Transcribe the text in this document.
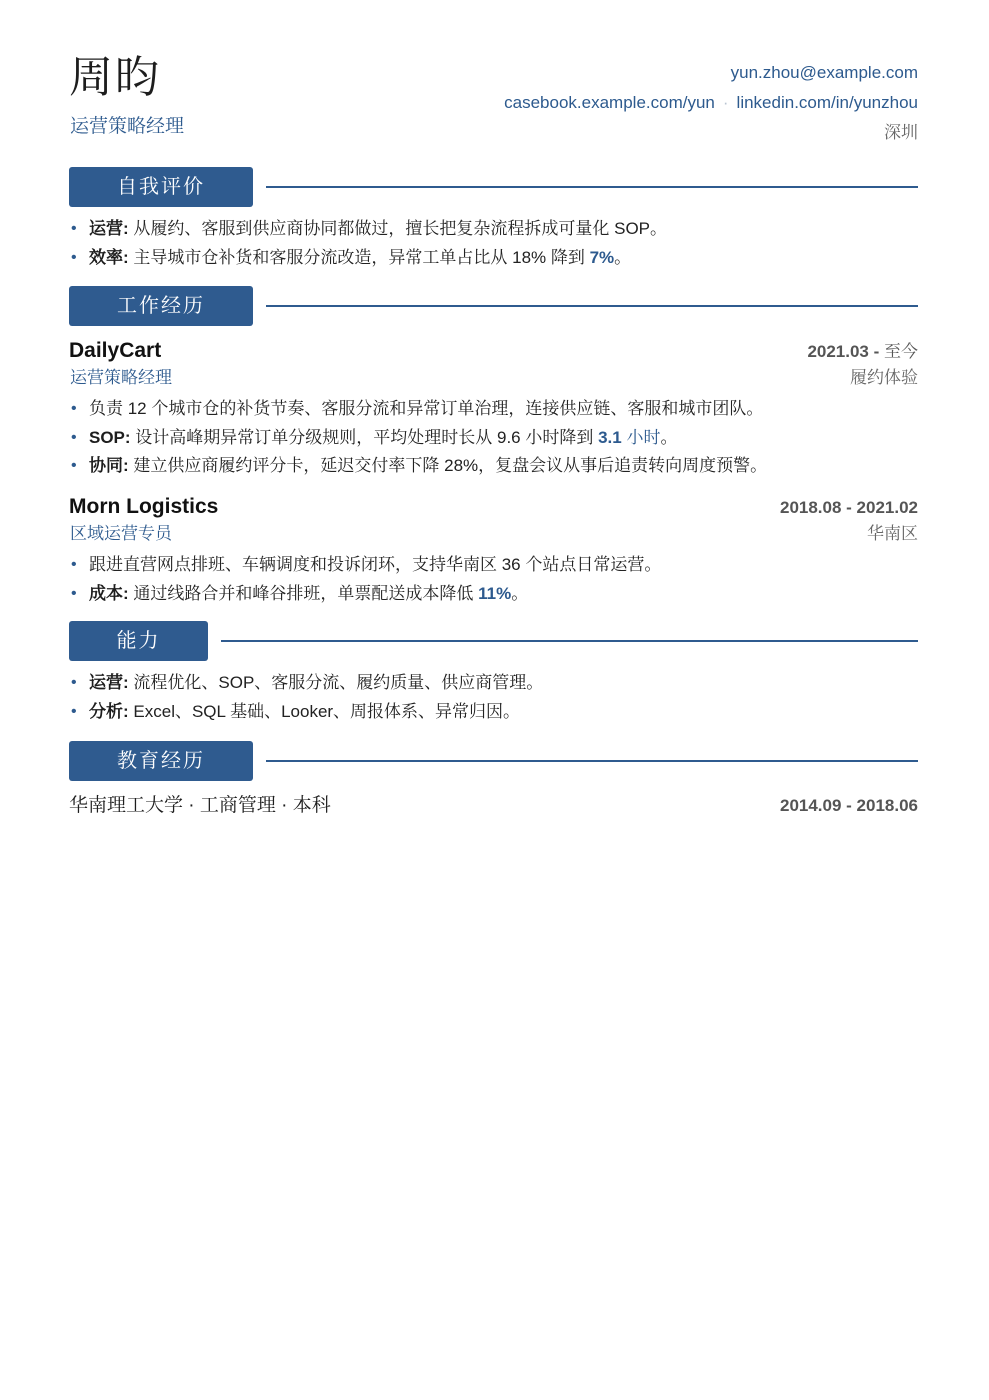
周昀
运营策略经理
yun.zhou@example.com
casebook.example.com/yun · linkedin.com/in/yunzhou
深圳
自我评价
• 运营: 从履约、客服到供应商协同都做过，擅长把复杂流程拆成可量化 SOP。
• 效率: 主导城市仓补货和客服分流改造，异常工单占比从 18% 降到 7%。
工作经历
DailyCart	2021.03 - 至今
运营策略经理	履约体验
• 负责 12 个城市仓的补货节奏、客服分流和异常订单治理，连接供应链、客服和城市团队。
• SOP: 设计高峰期异常订单分级规则，平均处理时长从 9.6 小时降到 3.1 小时。
• 协同: 建立供应商履约评分卡，延迟交付率下降 28%，复盘会议从事后追责转向周度预警。
Morn Logistics	2018.08 - 2021.02
区域运营专员	华南区
• 跟进直营网点排班、车辆调度和投诉闭环，支持华南区 36 个站点日常运营。
• 成本: 通过线路合并和峰谷排班，单票配送成本降低 11%。
能力
• 运营: 流程优化、SOP、客服分流、履约质量、供应商管理。
• 分析: Excel、SQL 基础、Looker、周报体系、异常归因。
教育经历
华南理工大学 · 工商管理 · 本科	2014.09 - 2018.06
